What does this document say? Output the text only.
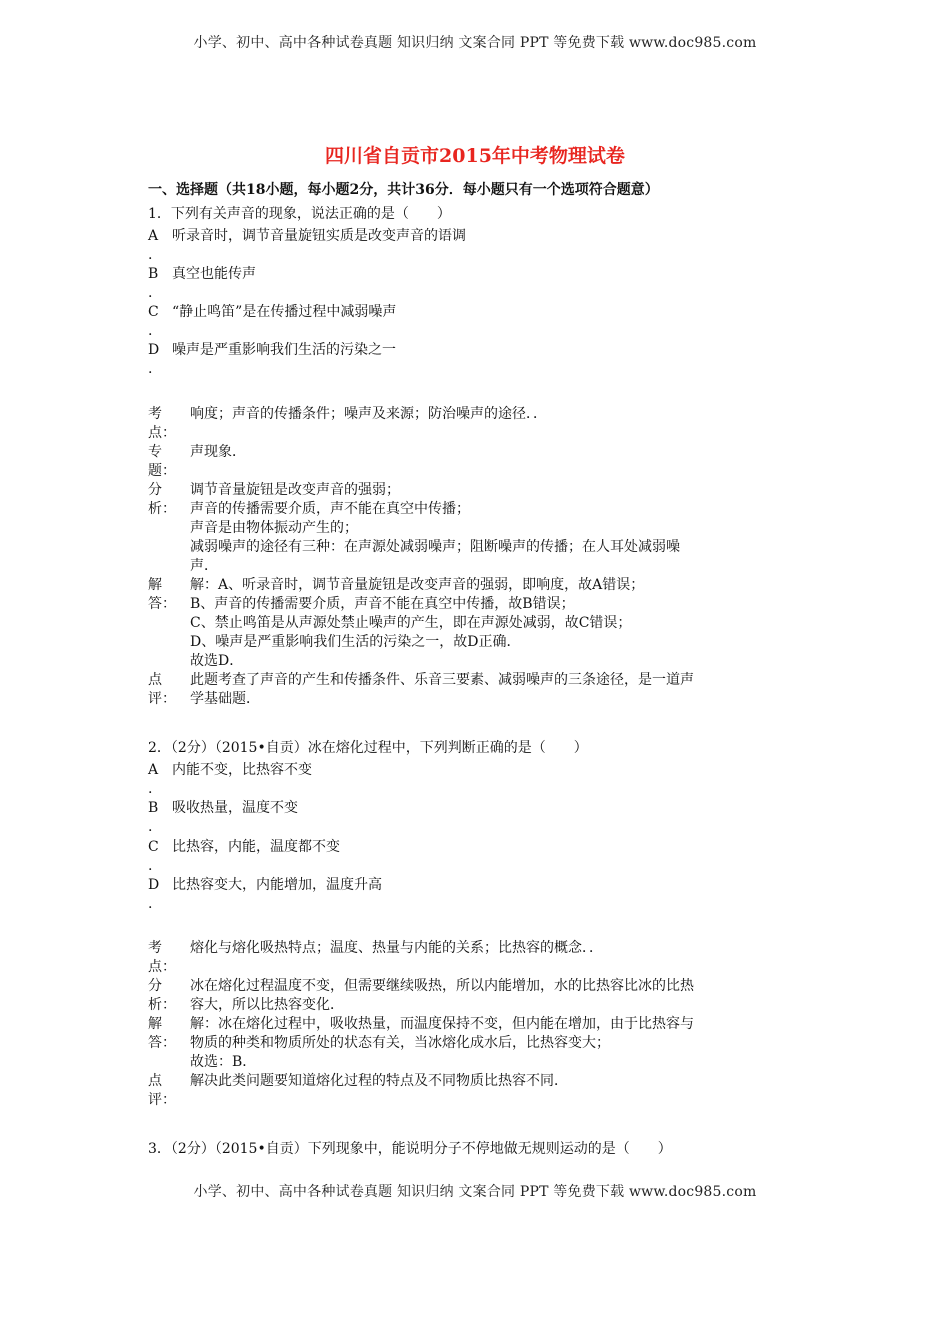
小学、初中、高中各种试卷真题 知识归纳 文案合同 PPT 等免费下载 www.doc985.com
四川省自贡市2015年中考物理试卷
一、选择题（共18小题，每小题2分，共计36分．每小题只有一个选项符合题意）
1．下列有关声音的现象，说法正确的是（　　）
A
.
听录音时，调节音量旋钮实质是改变声音的语调
B
.
真空也能传声
C
.
“静止鸣笛”是在传播过程中减弱噪声
D
.
噪声是严重影响我们生活的污染之一
考
点：
响度；声音的传播条件；噪声及来源；防治噪声的途径．．
专
题：
声现象．
分
析：
调节音量旋钮是改变声音的强弱；
声音的传播需要介质，声不能在真空中传播；
声音是由物体振动产生的；
减弱噪声的途径有三种：在声源处减弱噪声；阻断噪声的传播；在人耳处减弱噪
声．
解
答：
解：A、听录音时，调节音量旋钮是改变声音的强弱，即响度，故A错误；
B、声音的传播需要介质，声音不能在真空中传播，故B错误；
C、禁止鸣笛是从声源处禁止噪声的产生，即在声源处减弱，故C错误；
D、噪声是严重影响我们生活的污染之一，故D正确．
故选D．
点
评：
此题考查了声音的产生和传播条件、乐音三要素、减弱噪声的三条途径，是一道声
学基础题．
2．（2分）（2015•自贡）冰在熔化过程中，下列判断正确的是（　　）
A
.
内能不变，比热容不变
B
.
吸收热量，温度不变
C
.
比热容，内能，温度都不变
D
.
比热容变大，内能增加，温度升高
考
点：
熔化与熔化吸热特点；温度、热量与内能的关系；比热容的概念．．
分
析：
冰在熔化过程温度不变，但需要继续吸热，所以内能增加，水的比热容比冰的比热
容大，所以比热容变化．
解
答：
解：冰在熔化过程中，吸收热量，而温度保持不变，但内能在增加，由于比热容与
物质的种类和物质所处的状态有关，当冰熔化成水后，比热容变大；
故选：B．
点
评：
解决此类问题要知道熔化过程的特点及不同物质比热容不同．
3．（2分）（2015•自贡）下列现象中，能说明分子不停地做无规则运动的是（　　）
小学、初中、高中各种试卷真题 知识归纳 文案合同 PPT 等免费下载 www.doc985.com
